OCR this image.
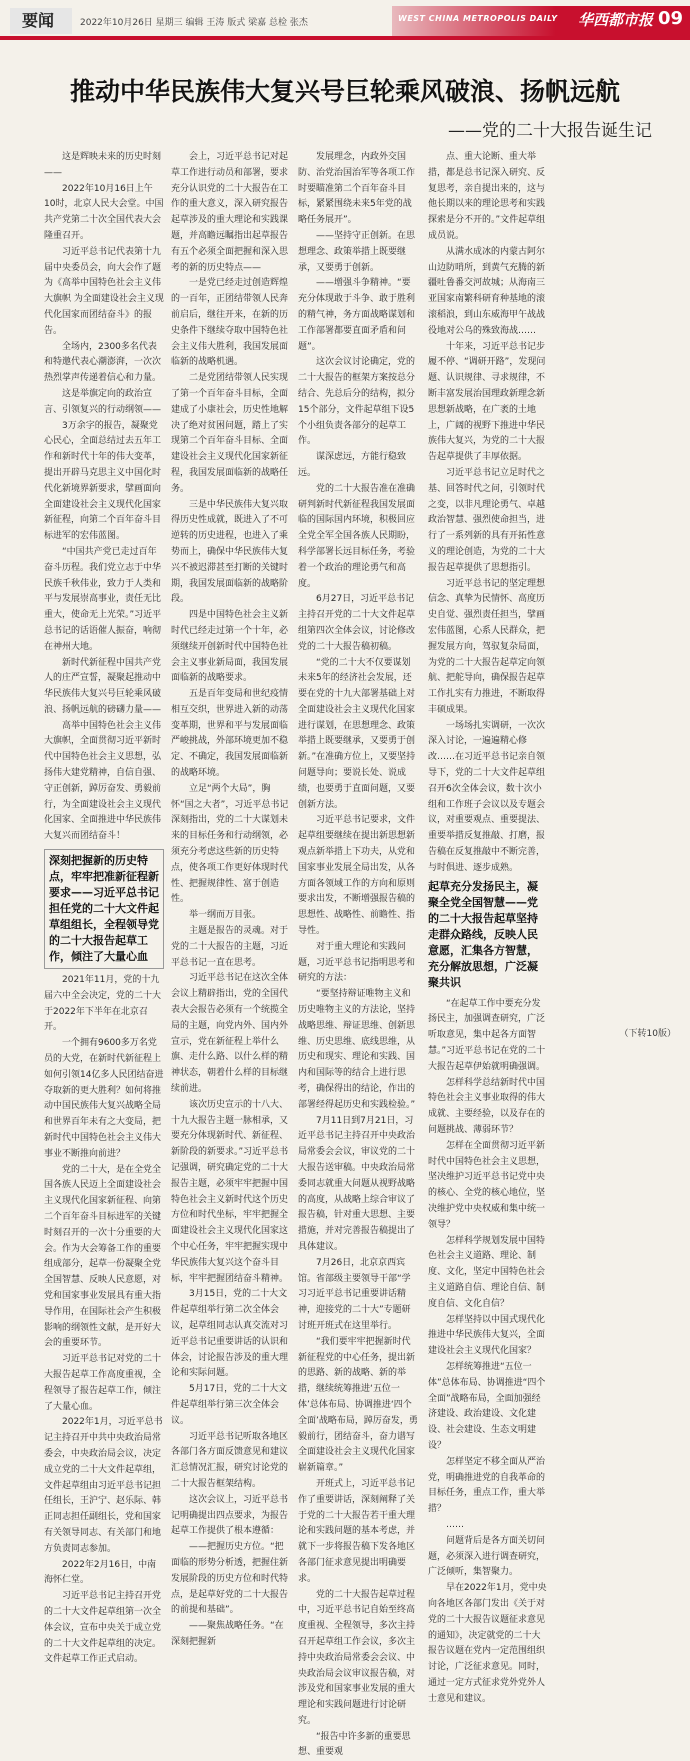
要闻	2022年10月26日 星期三 编辑 王涛 版式 梁嘉 总检 张杰	WEST CHINA METROPOLIS DAILY 华西都市报 09
推动中华民族伟大复兴号巨轮乘风破浪、扬帆远航
——党的二十大报告诞生记

这是辉映未来的历史时刻——

2022年10月16日上午10时，北京人民大会堂。中国共产党第二十次全国代表大会隆重召开。

习近平总书记代表第十九届中央委员会，向大会作了题为《高举中国特色社会主义伟大旗帜 为全面建设社会主义现代化国家而团结奋斗》的报告。

全场内，2300多名代表和特邀代表心潮澎湃，一次次热烈掌声传递着信心和力量。

这是举旗定向的政治宣言、引领复兴的行动纲领——

3万余字的报告，凝聚党心民心，全面总结过去五年工作和新时代十年的伟大变革，提出开辟马克思主义中国化时代化新境界新要求，擘画面向全面建设社会主义现代化国家新征程，向第二个百年奋斗目标进军的宏伟蓝图。

“中国共产党已走过百年奋斗历程。我们党立志于中华民族千秋伟业，致力于人类和平与发展崇高事业，责任无比重大，使命无上光荣。”习近平总书记的话语催人振奋，响彻在神州大地。

新时代新征程中国共产党人的庄严宣誓，凝聚起推动中华民族伟大复兴号巨轮乘风破浪、扬帆远航的磅礴力量——

高举中国特色社会主义伟大旗帜，全面贯彻习近平新时代中国特色社会主义思想，弘扬伟大建党精神，自信自强、守正创新，踔厉奋发、勇毅前行，为全面建设社会主义现代化国家、全面推进中华民族伟大复兴而团结奋斗！

深刻把握新的历史特点，牢牢把准新征程新要求——习近平总书记担任党的二十大文件起草组组长，全程领导党的二十大报告起草工作，倾注了大量心血

2021年11月，党的十九届六中全会决定，党的二十大于2022年下半年在北京召开。

一个拥有9600多万名党员的大党，在新时代新征程上如何引领14亿多人民团结奋进夺取新的更大胜利？如何将推动中国民族伟大复兴战略全局和世界百年未有之大变局，把新时代中国特色社会主义伟大事业不断推向前进？

党的二十大，是在全党全国各族人民迈上全面建设社会主义现代化国家新征程、向第二个百年奋斗目标进军的关键时刻召开的一次十分重要的大会。作为大会筹备工作的重要组成部分，起草一份凝聚全党全国智慧、反映人民意愿，对党和国家事业发展具有重大指导作用，在国际社会产生积极影响的纲领性文献，是开好大会的重要环节。

习近平总书记对党的二十大报告起草工作高度重视，全程领导了报告起草工作，倾注了大量心血。

2022年1月，习近平总书记主持召开中共中央政治局常委会，中央政治局会议，决定成立党的二十大文件起草组，文件起草组由习近平总书记担任组长，王沪宁、赵乐际、韩正同志担任副组长，党和国家有关领导同志、有关部门和地方负责同志参加。

2022年2月16日，中南海怀仁堂。

习近平总书记主持召开党的二十大文件起草组第一次全体会议，宣布中央关于成立党的二十大文件起草组的决定。文件起草工作正式启动。

会上，习近平总书记对起草工作进行动员和部署，要求充分认识党的二十大报告在工作的重大意义，深入研究报告起草涉及的重大理论和实践课题，并高瞻远瞩指出起草报告有五个必须全面把握和深入思考的新的历史特点——

一是党已经走过创造辉煌的一百年，正团结带领人民奔前启后，继往开来，在新的历史条件下继续夺取中国特色社会主义伟大胜利，我国发展面临新的战略机遇。

二是党团结带领人民实现了第一个百年奋斗目标，全面建成了小康社会，历史性地解决了绝对贫困问题，踏上了实现第二个百年奋斗目标、全面建设社会主义现代化国家新征程，我国发展面临新的战略任务。

三是中华民族伟大复兴取得历史性成就，既进入了不可逆转的历史进程，也进入了乘势而上，确保中华民族伟大复兴不被迟滞甚至打断的关键时期，我国发展面临新的战略阶段。

四是中国特色社会主义新时代已经走过第一个十年，必须继续开创新时代中国特色社会主义事业新局面，我国发展面临新的战略要求。

五是百年变局和世纪疫情相互交织，世界进入新的动荡变革期，世界和平与发展面临严峻挑战，外部环境更加不稳定、不确定，我国发展面临新的战略环境。

立足“两个大局”，胸怀“国之大者”，习近平总书记深刻指出，党的二十大谋划未来的目标任务和行动纲领，必须充分考虑这些新的历史特点，使各项工作更好体现时代性、把握规律性、富于创造性。

举一纲而万目张。

主题是报告的灵魂。对于党的二十大报告的主题，习近平总书记一直在思考。

习近平总书记在这次全体会议上精辟指出，党的全国代表大会报告必须有一个统揽全局的主题，向党内外、国内外宣示，党在新征程上举什么旗、走什么路、以什么样的精神状态，朝着什么样的目标继续前进。

该次历史宣示的十八大、十九大报告主题一脉相承，又要充分体现新时代、新征程、新阶段的新要求。”习近平总书记强调，研究确定党的二十大报告主题，必须牢牢把握中国特色社会主义新时代这个历史方位和时代坐标，牢牢把握全面建设社会主义现代化国家这个中心任务，牢牢把握实现中华民族伟大复兴这个奋斗目标，牢牢把握团结奋斗精神。

3月15日，党的二十大文件起草组举行第二次全体会议，起草组同志认真交流对习近平总书记重要讲话的认识和体会，讨论报告涉及的重大理论和实际问题。

5月17日，党的二十大文件起草组举行第三次全体会议。

习近平总书记听取各地区各部门各方面反馈意见和建议汇总情况汇报，研究讨论党的二十大报告框架结构。

这次会议上，习近平总书记明确提出四点要求，为报告起草工作提供了根本遵循：

——把握历史方位。“把面临的形势分析透，把握住新发展阶段的历史方位和时代特点，是起草好党的二十大报告的前提和基础”。

——聚焦战略任务。“在深刻把握新

发展理念，内政外交国防、治党治国治军等各项工作时要瞄准第二个百年奋斗目标，紧紧围绕未来5年党的战略任务展开”。

——坚持守正创新。在思想理念、政策举措上既要继承，又要勇于创新。

——增强斗争精神。“要充分体现敢于斗争、敢于胜利的精气神，务方面战略谋划和工作部署都要直面矛盾和问题”。

这次会议讨论确定，党的二十大报告的框架方案按总分结合、先总后分的结构，拟分15个部分，文件起草组下设5个小组负责各部分的起草工作。

谋深虑远，方能行稳致远。

党的二十大报告准在准确研判新时代新征程我国发展面临的国际国内环境，积极回应全党全军全国各族人民期盼，科学部署长远目标任务，考验着一个政治的理论勇气和高度。

6月27日，习近平总书记主持召开党的二十大文件起草组第四次全体会议，讨论修改党的二十大报告稿初稿。

“党的二十大不仅要谋划未来5年的经济社会发展，还要在党的十九大部署基础上对全面建设社会主义现代化国家进行谋划，在思想理念、政策举措上既要继承，又要勇于创新。”在准确方位上，又要坚持问题导向；要说长处、说成绩，也要勇于直面问题，又要创新方法。

习近平总书记要求，文件起草组要继续在提出新思想新观点新举措上下功夫，从党和国家事业发展全局出发，从各方面各领域工作的方向和原则要求出发，不断增强报告稿的思想性、战略性、前瞻性、指导性。

对于重大理论和实践问题，习近平总书记指明思考和研究的方法：

“要坚持辩证唯物主义和历史唯物主义的方法论，坚持战略思维、辩证思维、创新思维、历史思维、底线思维，从历史和现实、理论和实践、国内和国际等的结合上进行思考，确保得出的结论，作出的部署经得起历史和实践检验。”

7月11日到7月21日，习近平总书记主持召开中央政治局常委会会议，审议党的二十大报告送审稿。中央政治局常委同志就重大问题从视野战略的高度，从战略上综合审议了报告稿，针对重大思想、主要措施，并对完善报告稿提出了具体建议。

7月26日，北京京西宾馆。省部级主要领导干部“学习习近平总书记重要讲话精神，迎接党的二十大”专题研讨班开班式在这里举行。

“我们要牢牢把握新时代新征程党的中心任务，提出新的思路、新的战略、新的举措，继续统筹推进‘五位一体’总体布局、协调推进‘四个全面’战略布局，踔厉奋发，勇毅前行，团结奋斗，奋力谱写全面建设社会主义现代化国家崭新篇章。”

开班式上，习近平总书记作了重要讲话，深刻阐释了关于党的二十大报告若干重大理论和实践问题的基本考虑，并就下一步将报告稿下发各地区各部门征求意见提出明确要求。

党的二十大报告起草过程中，习近平总书记自始至终高度重视、全程领导，多次主持召开起草组工作会议，多次主持中央政治局常委会会议、中央政治局会议审议报告稿，对涉及党和国家事业发展的重大理论和实践问题进行讨论研究。

“报告中许多新的重要思想、重要观

点、重大论断、重大举措，都是总书记深入研究、反复思考，亲自提出来的，这与他长期以来的理论思考和实践探索是分不开的。”文件起草组成员说。

从满水成冰的内蒙古阿尔山边防哨所，到黄气充腾的新疆吐鲁番交河故城；从海南三亚国家南繁科研育种基地的滚滚稻浪，到山东威海甲午战战役地对公乌的殊致海战……

十年来，习近平总书记步履不停、“调研开路”，发现问题、认识规律、寻求规律，不断丰富发展治国理政新理念新思想新战略，在广袤的土地上，广阔的视野下推进中华民族伟大复兴，为党的二十大报告起草提供了丰厚依据。

习近平总书记立足时代之基、回答时代之问，引领时代之变，以非凡理论勇气、卓越政治智慧、强烈使命担当，进行了一系列新的具有开拓性意义的理论创造，为党的二十大报告起草提供了思想指引。

习近平总书记的坚定理想信念、真挚为民情怀、高度历史自觉、强烈责任担当，擘画宏伟蓝图，心系人民群众，把握发展方向，驾驭复杂局面，为党的二十大报告起草定向领航、把舵导向，确保报告起草工作扎实有力推进，不断取得丰硕成果。

一场场扎实调研，一次次深入讨论，一遍遍精心修改……在习近平总书记亲自领导下，党的二十大文件起草组召开6次全体会议，数十次小组和工作班子会议以及专题会议，对重要观点、重要提法、重要举措反复推敲、打磨，报告稿在反复推敲中不断完善，与时俱进、逐步成熟。

起草充分发扬民主，凝聚全党全国智慧——党的二十大报告起草坚持走群众路线，反映人民意愿，汇集各方智慧，充分解放思想，广泛凝聚共识

“在起草工作中要充分发扬民主，加强调查研究，广泛听取意见，集中起各方面智慧。”习近平总书记在党的二十大报告起草伊始就明确强调。

怎样科学总结新时代中国特色社会主义事业取得的伟大成就、主要经验，以及存在的问题挑战、薄弱环节？

怎样在全面贯彻习近平新时代中国特色社会主义思想，坚决维护习近平总书记党中央的核心、全党的核心地位，坚决维护党中央权威和集中统一领导？

怎样科学规划发展中国特色社会主义道路、理论、制度、文化，坚定中国特色社会主义道路自信、理论自信、制度自信、文化自信？

怎样坚持以中国式现代化推进中华民族伟大复兴，全面建设社会主义现代化国家？

怎样统筹推进“五位一体”总体布局、协调推进“四个全面”战略布局，全面加强经济建设、政治建设、文化建设、社会建设、生态文明建设？

怎样坚定不移全面从严治党，明确推进党的自我革命的目标任务，重点工作，重大举措？

……

问题背后是各方面关切问题，必须深入进行调查研究，广泛倾听，集智聚力。

早在2022年1月，党中央向各地区各部门发出《关于对党的二十大报告议题征求意见的通知》，决定就党的二十大报告议题在党内一定范围组织讨论，广泛征求意见。同时，通过一定方式征求党外党外人士意见和建议。

（下转10版）
